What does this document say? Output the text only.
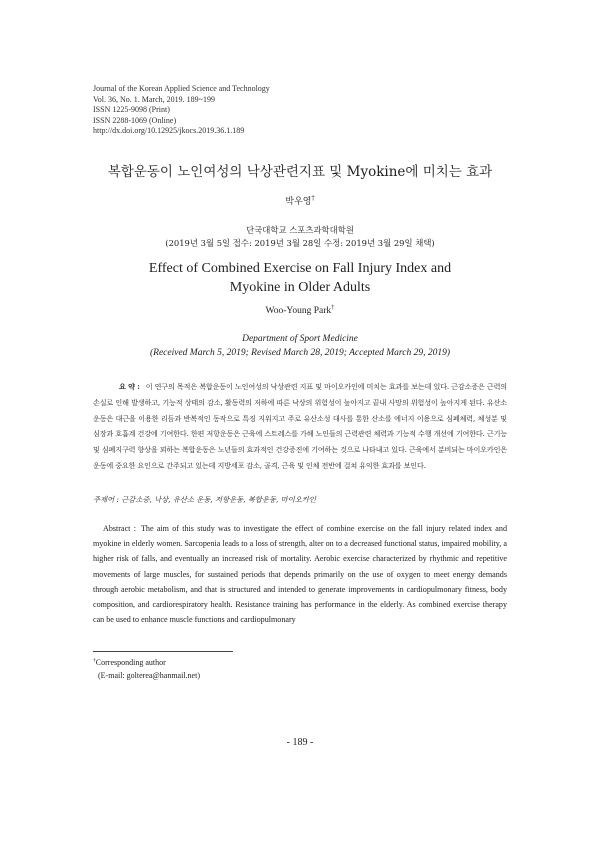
Journal of the Korean Applied Science and Technology
Vol. 36, No. 1. March, 2019. 189~199
ISSN 1225-9098 (Print)
ISSN 2288-1069 (Online)
http://dx.doi.org/10.12925/jkocs.2019.36.1.189
복합운동이 노인여성의 낙상관련지표 및 Myokine에 미치는 효과
박우영†
단국대학교 스포츠과학대학원
(2019년 3월 5일 접수: 2019년 3월 28일 수정: 2019년 3월 29일 채택)
Effect of Combined Exercise on Fall Injury Index and
Myokine in Older Adults
Woo-Young Park†
Department of Sport Medicine
(Received March 5, 2019; Revised March 28, 2019; Accepted March 29, 2019)
요 약 : 이 연구의 목적은 복합운동이 노인여성의 낙상관련 지표 및 마이오카인에 미치는 효과를 보는데 있다. 근감소증은 근력의 손실로 인해 발생하고, 기능적 상태의 감소, 활동력의 저하에 따른 낙상의 위험성이 높아지고 끝내 사망의 위험성이 높아지게 된다. 유산소운동은 대근을 이용한 리듬과 반복적인 동작으로 특징 지워지고 주로 유산소성 대사를 통한 산소를 에너지 이용으로 심폐체력, 체성분 및 심장과 호흡계 건강에 기여한다. 한편 저항운동은 근육에 스트레스를 가해 노인들의 근력관련 체력과 기능적 수행 개선에 기여한다. 근기능 및 심폐지구력 향상을 꾀하는 복합운동은 노년들의 효과적인 건강증진에 기여하는 것으로 나타내고 있다. 근육에서 분비되는 마이오카인은 운동에 중요한 요인으로 간주되고 있는데 지방세포 감소, 골격, 근육 및 인체 전반에 걸쳐 유익한 효과를 보인다.
주제어 : 근감소증, 낙상, 유산소 운동, 저항운동, 복합운동, 마이오카인
Abstract : The aim of this study was to investigate the effect of combine exercise on the fall injury related index and myokine in elderly women. Sarcopenia leads to a loss of strength, alter on to a decreased functional status, impaired mobility, a higher risk of falls, and eventually an increased risk of mortality. Aerobic exercise characterized by rhythmic and repetitive movements of large muscles, for sustained periods that depends primarily on the use of oxygen to meet energy demands through aerobic metabolism, and that is structured and intended to generate improvements in cardiopulmonary fitness, body composition, and cardiorespiratory health. Resistance training has performance in the elderly. As combined exercise therapy can be used to enhance muscle functions and cardiopulmonary
†Corresponding author
(E-mail: golterea@hanmail.net)
- 189 -
